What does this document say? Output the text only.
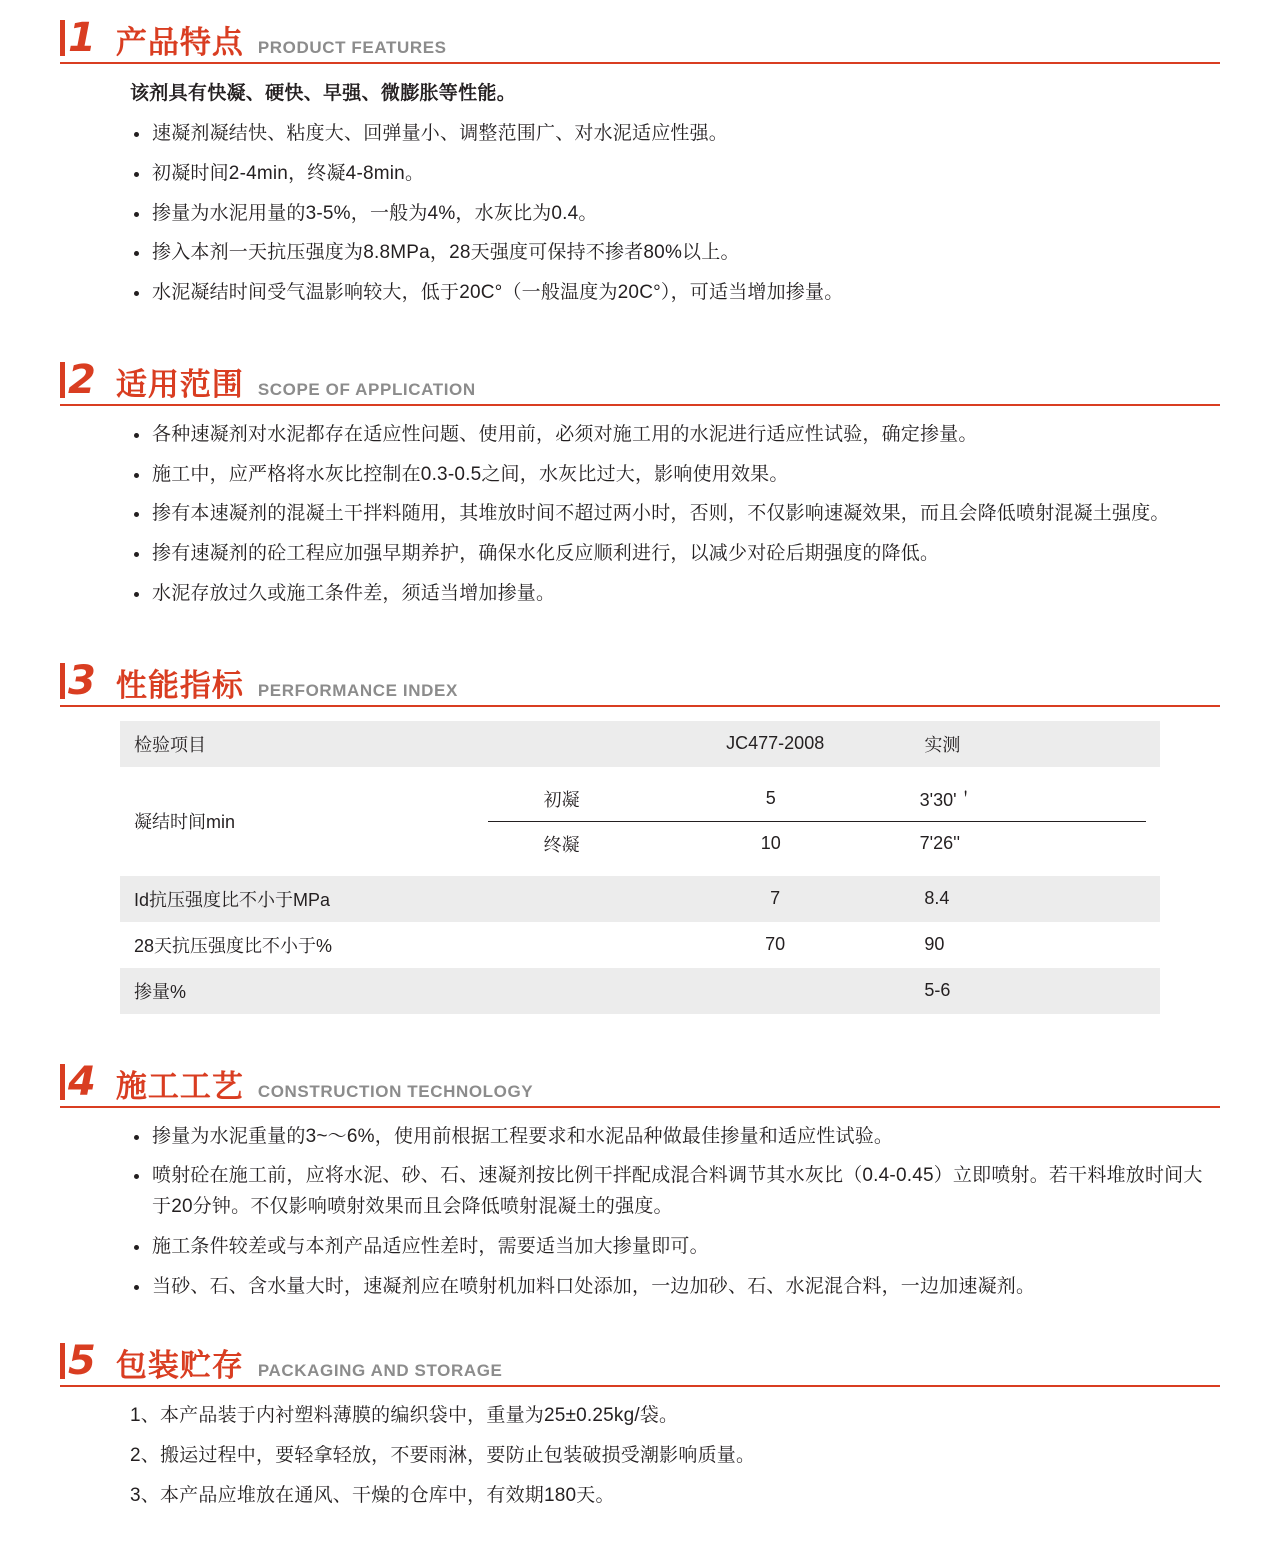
1 产品特点 PRODUCT FEATURES

该剂具有快凝、硬快、早强、微膨胀等性能。

速凝剂凝结快、粘度大、回弹量小、调整范围广、对水泥适应性强。
初凝时间2-4min，终凝4-8min。
掺量为水泥用量的3-5%，一般为4%，水灰比为0.4。
掺入本剂一天抗压强度为8.8MPa，28天强度可保持不掺者80%以上。
水泥凝结时间受气温影响较大，低于20C°（一般温度为20C°），可适当增加掺量。
2 适用范围 SCOPE OF APPLICATION
各种速凝剂对水泥都存在适应性问题、使用前，必须对施工用的水泥进行适应性试验，确定掺量。
施工中，应严格将水灰比控制在0.3-0.5之间，水灰比过大，影响使用效果。
掺有本速凝剂的混凝土干拌料随用，其堆放时间不超过两小时，否则，不仅影响速凝效果，而且会降低喷射混凝土强度。
掺有速凝剂的砼工程应加强早期养护，确保水化反应顺利进行，以减少对砼后期强度的降低。
水泥存放过久或施工条件差，须适当增加掺量。
3 性能指标 PERFORMANCE INDEX
检验项目		JC477-2008	实测
凝结时间min	
初凝	5	3'30'＇
终凝	10	7'26''

Id抗压强度比不小于MPa		7	8.4
28天抗压强度比不小于%		70	90
掺量%			5-6
4 施工工艺 CONSTRUCTION TECHNOLOGY
掺量为水泥重量的3~～6%，使用前根据工程要求和水泥品种做最佳掺量和适应性试验。
喷射砼在施工前，应将水泥、砂、石、速凝剂按比例干拌配成混合料调节其水灰比（0.4-0.45）立即喷射。若干料堆放时间大于20分钟。不仅影响喷射效果而且会降低喷射混凝土的强度。
施工条件较差或与本剂产品适应性差时，需要适当加大掺量即可。
当砂、石、含水量大时，速凝剂应在喷射机加料口处添加，一边加砂、石、水泥混合料，一边加速凝剂。
5 包装贮存 PACKAGING AND STORAGE
1、本产品装于内衬塑料薄膜的编织袋中，重量为25±0.25kg/袋。
2、搬运过程中，要轻拿轻放，不要雨淋，要防止包装破损受潮影响质量。
3、本产品应堆放在通风、干燥的仓库中，有效期180天。
